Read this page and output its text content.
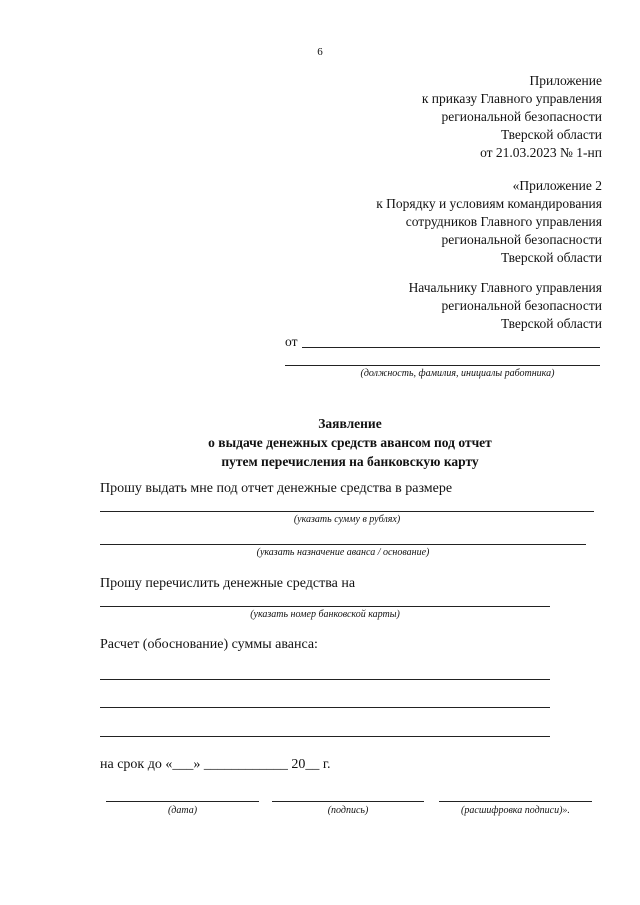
6
Приложение
к приказу Главного управления
региональной безопасности
Тверской области
от 21.03.2023 № 1-нп
«Приложение 2
к Порядку и условиям командирования
сотрудников Главного управления
региональной безопасности
Тверской области
Начальнику Главного управления
региональной безопасности
Тверской области
от
(должность, фамилия, инициалы работника)
Заявление
о выдаче денежных средств авансом под отчет
путем перечисления на банковскую карту
Прошу выдать мне под отчет денежные средства в размере
(указать сумму в рублях)
(указать назначение аванса / основание)
Прошу перечислить денежные средства на
(указать номер банковской карты)
Расчет (обоснование) суммы аванса:
на срок до «___» ____________ 20__ г.
(дата)	(подпись)	(расшифровка подписи)».
